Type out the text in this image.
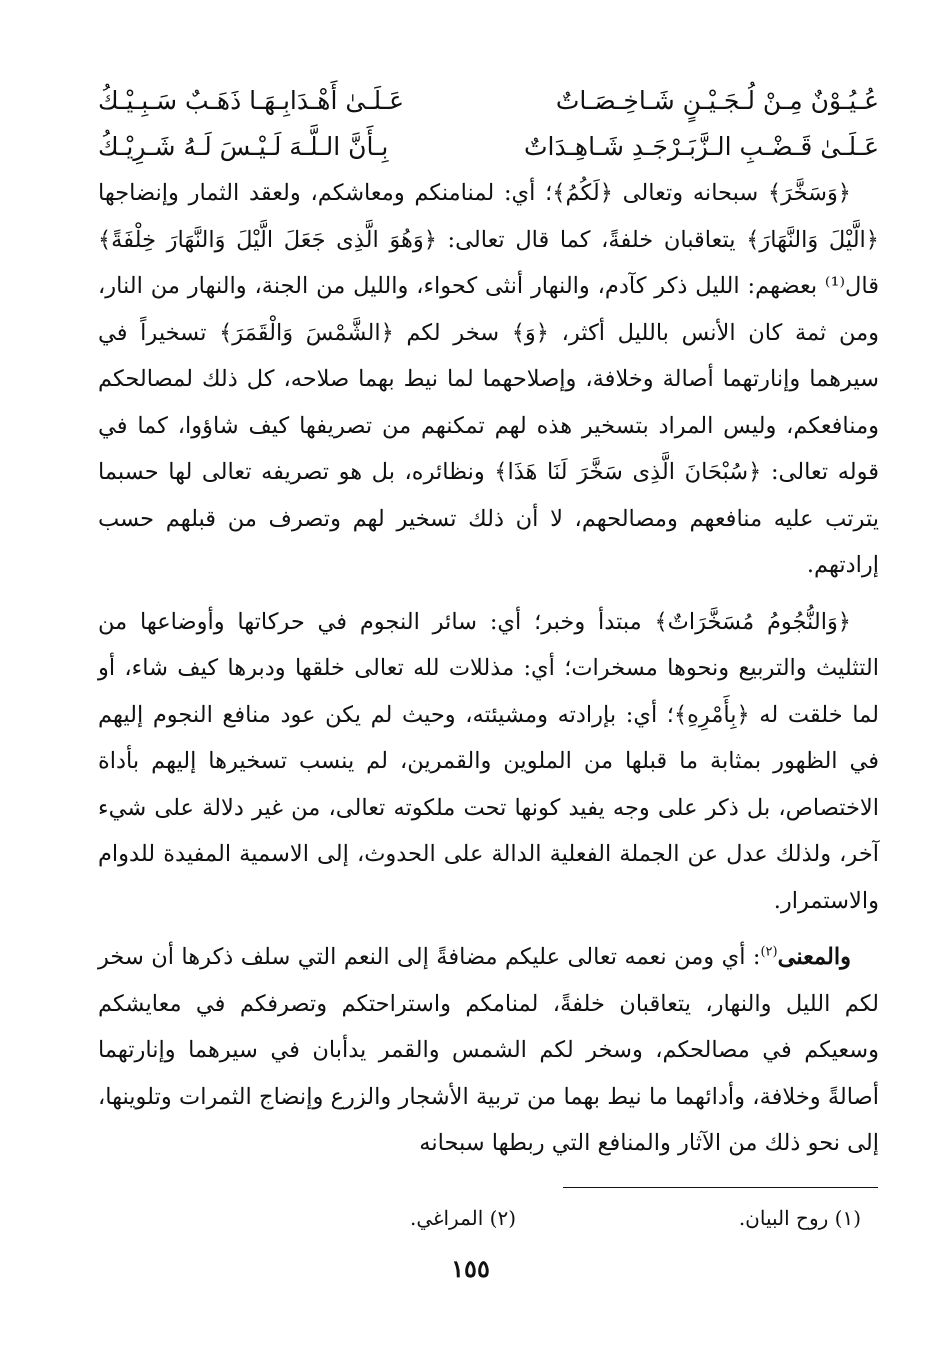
عُـيُـوْنٌ مِـنْ لُـجَـيْـنٍ شَـاخِـصَـاتٌ
عَـلَـىٰ أَهْـدَابِـهَـا ذَهَـبٌ سَـبِـيْـكُ
عَـلَـىٰ قَـضْـبِ الـزَّبَـرْجَـدِ شَـاهِـدَاتٌ
بِـأَنَّ الـلَّـهَ لَـيْـسَ لَـهُ شَـرِيْـكُ

﴿وَسَخَّرَ﴾ سبحانه وتعالى ﴿لَكُمُ﴾؛ أي: لمنامنكم ومعاشكم، ولعقد الثمار وإنضاجها ﴿الَّيْلَ وَالنَّهَارَ﴾ يتعاقبان خلفةً، كما قال تعالى: ﴿وَهُوَ الَّذِى جَعَلَ الَّيْلَ وَالنَّهَارَ خِلْفَةً﴾ قال⁽¹⁾ بعضهم: الليل ذكر كآدم، والنهار أنثى كحواء، والليل من الجنة، والنهار من النار، ومن ثمة كان الأنس بالليل أكثر، ﴿وَ﴾ سخر لكم ﴿الشَّمْسَ وَالْقَمَرَ﴾ تسخيراً في سيرهما وإنارتهما أصالة وخلافة، وإصلاحهما لما نيط بهما صلاحه، كل ذلك لمصالحكم ومنافعكم، وليس المراد بتسخير هذه لهم تمكنهم من تصريفها كيف شاؤوا، كما في قوله تعالى: ﴿سُبْحَانَ الَّذِى سَخَّرَ لَنَا هَذَا﴾ ونظائره، بل هو تصريفه تعالى لها حسبما يترتب عليه منافعهم ومصالحهم، لا أن ذلك تسخير لهم وتصرف من قبلهم حسب إرادتهم.

﴿وَالنُّجُومُ مُسَخَّرَاتٌ﴾ مبتدأ وخبر؛ أي: سائر النجوم في حركاتها وأوضاعها من التثليث والتربيع ونحوها مسخرات؛ أي: مذللات لله تعالى خلقها ودبرها كيف شاء، أو لما خلقت له ﴿بِأَمْرِهِ﴾؛ أي: بإرادته ومشيئته، وحيث لم يكن عود منافع النجوم إليهم في الظهور بمثابة ما قبلها من الملوين والقمرين، لم ينسب تسخيرها إليهم بأداة الاختصاص، بل ذكر على وجه يفيد كونها تحت ملكوته تعالى، من غير دلالة على شيء آخر، ولذلك عدل عن الجملة الفعلية الدالة على الحدوث، إلى الاسمية المفيدة للدوام والاستمرار.

والمعنى$^{(٢)}$: أي ومن نعمه تعالى عليكم مضافةً إلى النعم التي سلف ذكرها أن سخر لكم الليل والنهار، يتعاقبان خلفةً، لمنامكم واستراحتكم وتصرفكم في معايشكم وسعيكم في مصالحكم، وسخر لكم الشمس والقمر يدأبان في سيرهما وإنارتهما أصالةً وخلافة، وأدائهما ما نيط بهما من تربية الأشجار والزرع وإنضاج الثمرات وتلوينها، إلى نحو ذلك من الآثار والمنافع التي ربطها سبحانه

(١) روح البيان.
(٢) المراغي.
١٥٥
